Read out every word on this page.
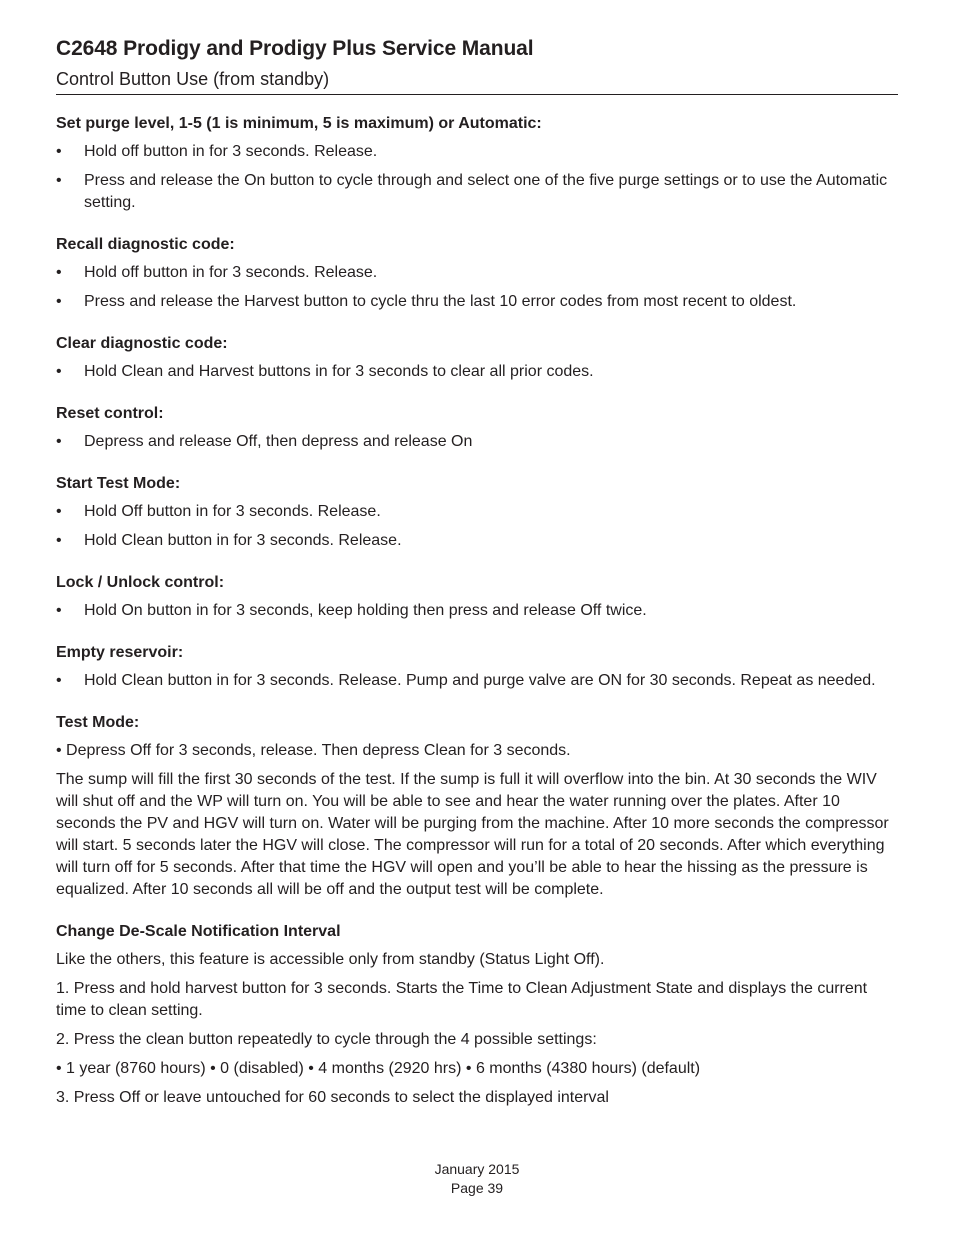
C2648 Prodigy and Prodigy Plus Service Manual
Control Button Use (from standby)
Set purge level, 1-5 (1 is minimum, 5 is maximum) or Automatic:
• Hold off button in for 3 seconds. Release.
• Press and release the On button to cycle through and select one of the five purge settings or to use the Automatic setting.
Recall diagnostic code:
• Hold off button in for 3 seconds. Release.
• Press and release the Harvest button to cycle thru the last 10 error codes from most recent to oldest.
Clear diagnostic code:
• Hold Clean and Harvest buttons in for 3 seconds to clear all prior codes.
Reset control:
• Depress and release Off, then depress and release On
Start Test Mode:
• Hold Off button in for 3 seconds. Release.
• Hold Clean button in for 3 seconds. Release.
Lock / Unlock control:
• Hold On button in for 3 seconds, keep holding then press and release Off twice.
Empty reservoir:
• Hold Clean button in for 3 seconds. Release. Pump and purge valve are ON for 30 seconds. Repeat as needed.
Test Mode:
• Depress Off for 3 seconds, release. Then depress Clean for 3 seconds.
The sump will fill the first 30 seconds of the test. If the sump is full it will overflow into the bin. At 30 seconds the WIV will shut off and the WP will turn on. You will be able to see and hear the water running over the plates. After 10 seconds the PV and HGV will turn on. Water will be purging from the machine. After 10 more seconds the compressor will start. 5 seconds later the HGV will close. The compressor will run for a total of 20 seconds. After which everything will turn off for 5 seconds. After that time the HGV will open and you’ll be able to hear the hissing as the pressure is equalized. After 10 seconds all will be off and the output test will be complete.
Change De-Scale Notification Interval
Like the others, this feature is accessible only from standby (Status Light Off).
1. Press and hold harvest button for 3 seconds. Starts the Time to Clean Adjustment State and displays the current time to clean setting.
2. Press the clean button repeatedly to cycle through the 4 possible settings:
• 1 year (8760 hours) • 0 (disabled) • 4 months (2920 hrs) • 6 months (4380 hours) (default)
3. Press Off or leave untouched for 60 seconds to select the displayed interval
January 2015
Page 39
